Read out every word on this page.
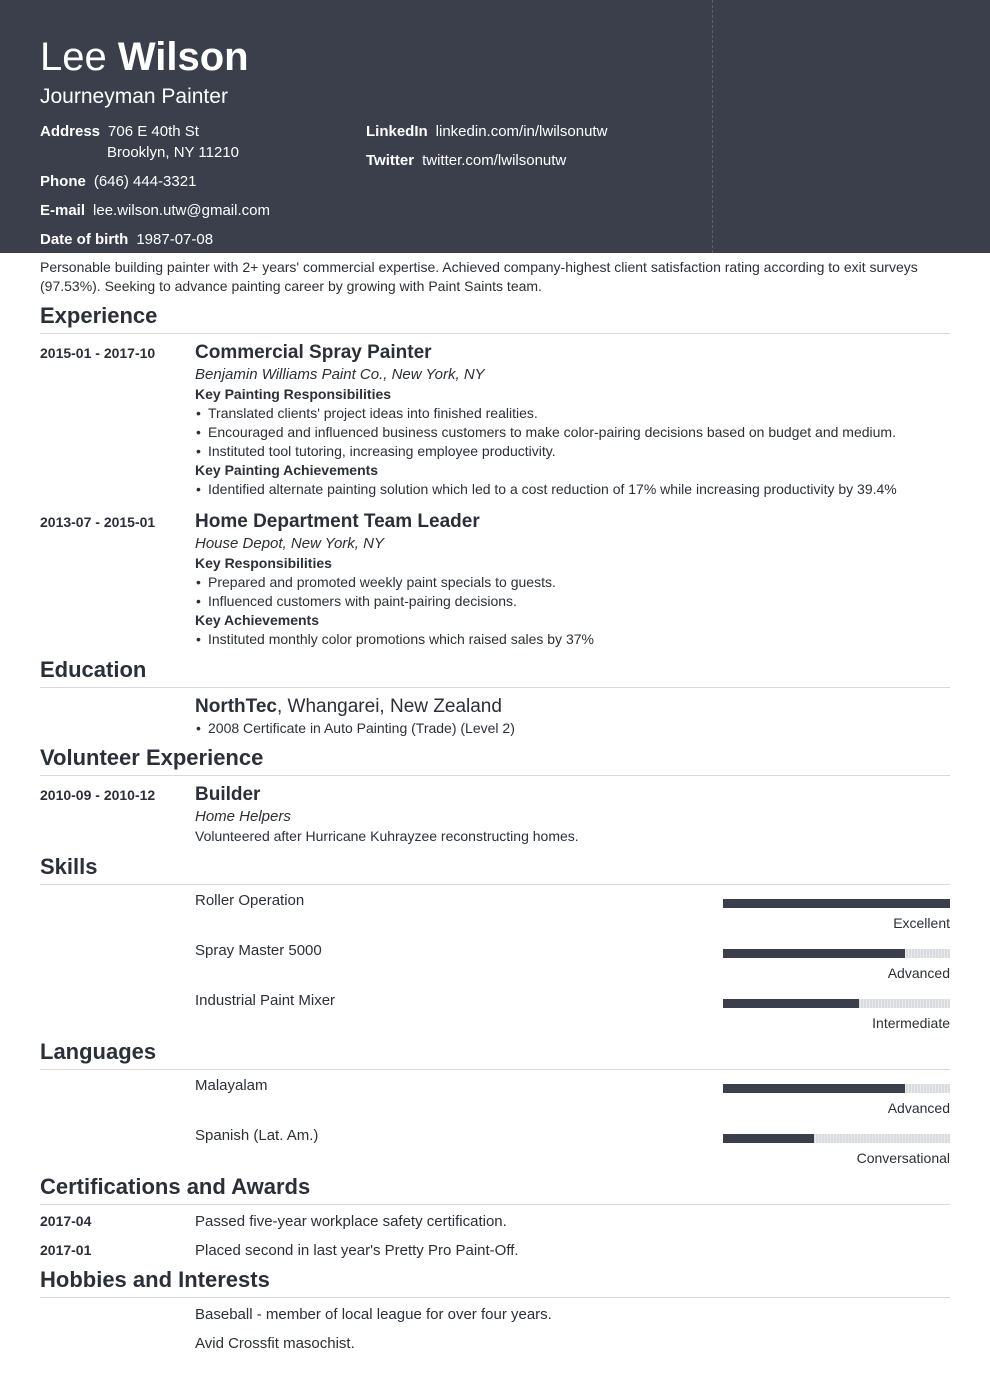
Lee Wilson
Journeyman Painter
Address 706 E 40th St
Brooklyn, NY 11210
Phone (646) 444-3321
E-mail lee.wilson.utw@gmail.com
Date of birth 1987-07-08
LinkedIn linkedin.com/in/lwilsonutw
Twitter twitter.com/lwilsonutw
Personable building painter with 2+ years' commercial expertise. Achieved company-highest client satisfaction rating according to exit surveys (97.53%). Seeking to advance painting career by growing with Paint Saints team.
Experience
2015-01 - 2017-10 Commercial Spray Painter
Benjamin Williams Paint Co., New York, NY
Key Painting Responsibilities
• Translated clients' project ideas into finished realities.
• Encouraged and influenced business customers to make color-pairing decisions based on budget and medium.
• Instituted tool tutoring, increasing employee productivity.
Key Painting Achievements
• Identified alternate painting solution which led to a cost reduction of 17% while increasing productivity by 39.4%
2013-07 - 2015-01 Home Department Team Leader
House Depot, New York, NY
Key Responsibilities
• Prepared and promoted weekly paint specials to guests.
• Influenced customers with paint-pairing decisions.
Key Achievements
• Instituted monthly color promotions which raised sales by 37%
Education
NorthTec, Whangarei, New Zealand
• 2008 Certificate in Auto Painting (Trade) (Level 2)
Volunteer Experience
2010-09 - 2010-12 Builder
Home Helpers
Volunteered after Hurricane Kuhrayzee reconstructing homes.
Skills
Roller Operation
Excellent
Spray Master 5000
Advanced
Industrial Paint Mixer
Intermediate
Languages
Malayalam
Advanced
Spanish (Lat. Am.)
Conversational
Certifications and Awards
2017-04	Passed five-year workplace safety certification.
2017-01	Placed second in last year's Pretty Pro Paint-Off.
Hobbies and Interests
Baseball - member of local league for over four years.
Avid Crossfit masochist.
